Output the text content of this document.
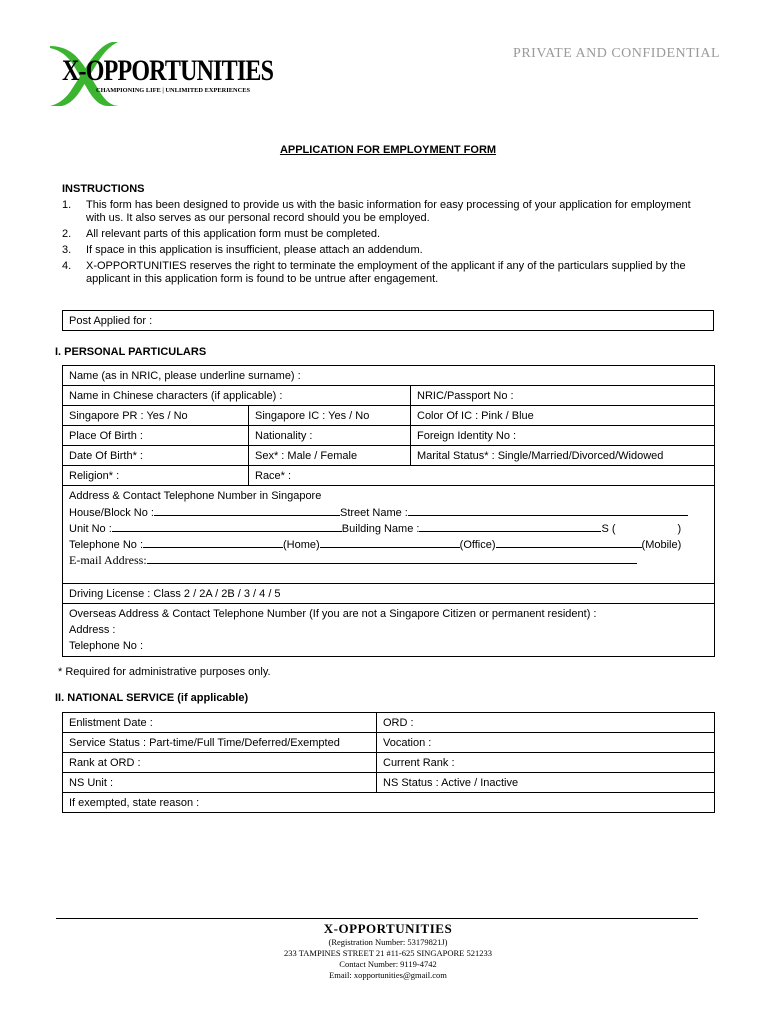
X-OPPORTUNITIES
CHAMPIONING LIFE | UNLIMITED EXPERIENCES
PRIVATE AND CONFIDENTIAL
APPLICATION FOR EMPLOYMENT FORM
INSTRUCTIONS
1. This form has been designed to provide us with the basic information for easy processing of your application for employment with us. It also serves as our personal record should you be employed.
2. All relevant parts of this application form must be completed.
3. If space in this application is insufficient, please attach an addendum.
4. X-OPPORTUNITIES reserves the right to terminate the employment of the applicant if any of the particulars supplied by the applicant in this application form is found to be untrue after engagement.
Post Applied for :
I. PERSONAL PARTICULARS
Name (as in NRIC, please underline surname) :		
Name in Chinese characters (if applicable) :		NRIC/Passport No :
Singapore PR : Yes / No	Singapore IC : Yes / No	Color Of IC : Pink / Blue
Place Of Birth :	Nationality :	Foreign Identity No :
Date Of Birth* :	Sex* : Male / Female	Marital Status* : Single/Married/Divorced/Widowed
Religion* :	Race* :	

Address & Contact Telephone Number in Singapore
House/Block No : Street Name :
Unit No : Building Name : S ( )
Telephone No : (Home) (Office) (Mobile)
E-mail Address:		

Driving License : Class 2 / 2A / 2B / 3 / 4 / 5		

Overseas Address & Contact Telephone Number (If you are not a Singapore Citizen or permanent resident) :
Address :
Telephone No :		
* Required for administrative purposes only.
II. NATIONAL SERVICE (if applicable)
Enlistment Date :	ORD :
Service Status : Part-time/Full Time/Deferred/Exempted	Vocation :
Rank at ORD :	Current Rank :
NS Unit :	NS Status : Active / Inactive
If exempted, state reason :	
X-OPPORTUNITIES
(Registration Number: 53179821J)
233 TAMPINES STREET 21 #11-625 SINGAPORE 521233
Contact Number: 9119-4742
Email: xopportunities@gmail.com
